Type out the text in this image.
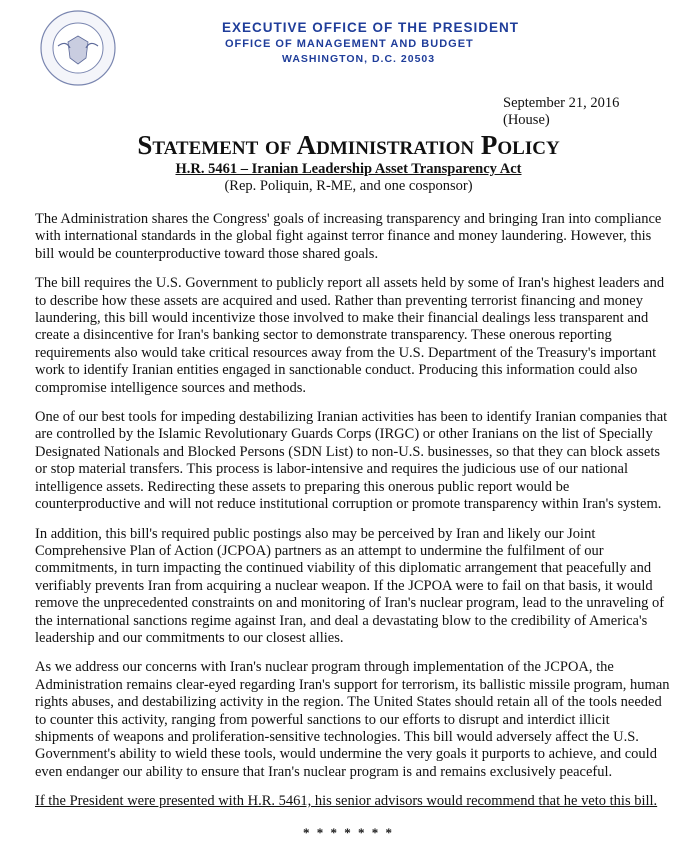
EXECUTIVE OFFICE OF THE PRESIDENT
OFFICE OF MANAGEMENT AND BUDGET
WASHINGTON, D.C. 20503
September 21, 2016
(House)
Statement of Administration Policy
H.R. 5461 – Iranian Leadership Asset Transparency Act
(Rep. Poliquin, R-ME, and one cosponsor)

The Administration shares the Congress' goals of increasing transparency and bringing Iran into compliance
with international standards in the global fight against terror finance and money laundering. However, this
bill would be counterproductive toward those shared goals.

The bill requires the U.S. Government to publicly report all assets held by some of Iran's highest leaders and
to describe how these assets are acquired and used. Rather than preventing terrorist financing and money
laundering, this bill would incentivize those involved to make their financial dealings less transparent and
create a disincentive for Iran's banking sector to demonstrate transparency. These onerous reporting
requirements also would take critical resources away from the U.S. Department of the Treasury's important
work to identify Iranian entities engaged in sanctionable conduct. Producing this information could also
compromise intelligence sources and methods.

One of our best tools for impeding destabilizing Iranian activities has been to identify Iranian companies that
are controlled by the Islamic Revolutionary Guards Corps (IRGC) or other Iranians on the list of Specially
Designated Nationals and Blocked Persons (SDN List) to non-U.S. businesses, so that they can block assets
or stop material transfers. This process is labor-intensive and requires the judicious use of our national
intelligence assets. Redirecting these assets to preparing this onerous public report would be
counterproductive and will not reduce institutional corruption or promote transparency within Iran's system.

In addition, this bill's required public postings also may be perceived by Iran and likely our Joint
Comprehensive Plan of Action (JCPOA) partners as an attempt to undermine the fulfilment of our
commitments, in turn impacting the continued viability of this diplomatic arrangement that peacefully and
verifiably prevents Iran from acquiring a nuclear weapon. If the JCPOA were to fail on that basis, it would
remove the unprecedented constraints on and monitoring of Iran's nuclear program, lead to the unraveling of
the international sanctions regime against Iran, and deal a devastating blow to the credibility of America's
leadership and our commitments to our closest allies.

As we address our concerns with Iran's nuclear program through implementation of the JCPOA, the
Administration remains clear-eyed regarding Iran's support for terrorism, its ballistic missile program, human
rights abuses, and destabilizing activity in the region. The United States should retain all of the tools needed
to counter this activity, ranging from powerful sanctions to our efforts to disrupt and interdict illicit
shipments of weapons and proliferation-sensitive technologies. This bill would adversely affect the U.S.
Government's ability to wield these tools, would undermine the very goals it purports to achieve, and could
even endanger our ability to ensure that Iran's nuclear program is and remains exclusively peaceful.

If the President were presented with H.R. 5461, his senior advisors would recommend that he veto this bill.

* * * * * * *
